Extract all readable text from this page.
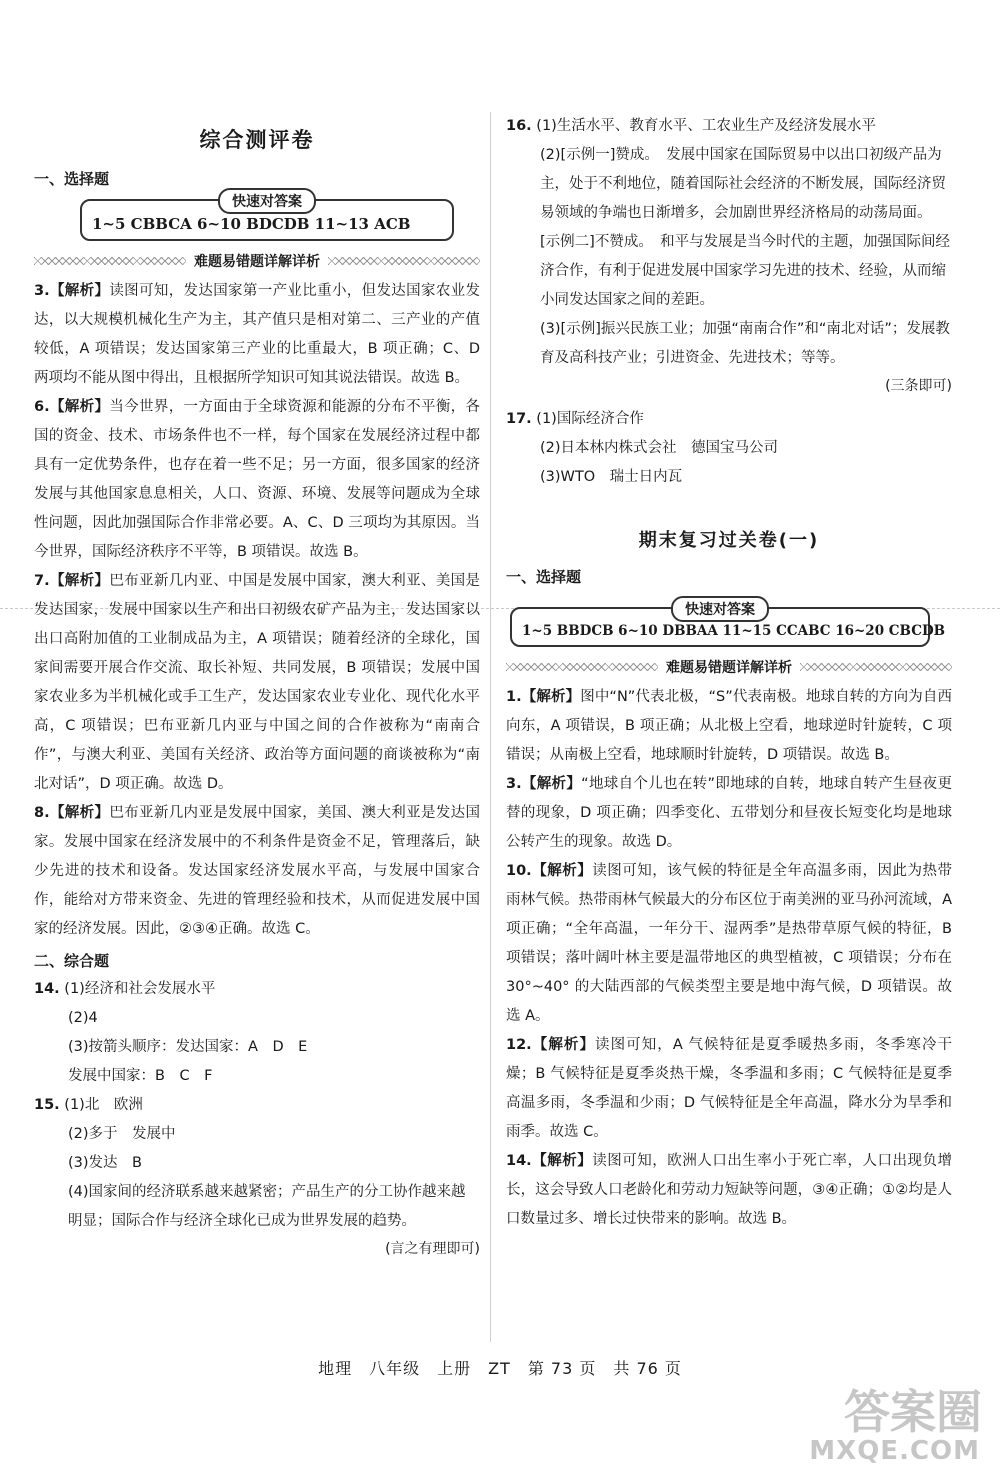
综合测评卷
一、选择题
快速对答案
1~5 CBBCA 6~10 BDCDB 11~13 ACB
难题易错题详解详析

3.【解析】读图可知，发达国家第一产业比重小，但发达国家农业发达，以大规模机械化生产为主，其产值只是相对第二、三产业的产值较低，A 项错误；发达国家第三产业的比重最大，B 项正确；C、D 两项均不能从图中得出，且根据所学知识可知其说法错误。故选 B。

6.【解析】当今世界，一方面由于全球资源和能源的分布不平衡，各国的资金、技术、市场条件也不一样，每个国家在发展经济过程中都具有一定优势条件，也存在着一些不足；另一方面，很多国家的经济发展与其他国家息息相关，人口、资源、环境、发展等问题成为全球性问题，因此加强国际合作非常必要。A、C、D 三项均为其原因。当今世界，国际经济秩序不平等，B 项错误。故选 B。

7.【解析】巴布亚新几内亚、中国是发展中国家，澳大利亚、美国是发达国家，发展中国家以生产和出口初级农矿产品为主，发达国家以出口高附加值的工业制成品为主，A 项错误；随着经济的全球化，国家间需要开展合作交流、取长补短、共同发展，B 项错误；发展中国家农业多为半机械化或手工生产，发达国家农业专业化、现代化水平高，C 项错误；巴布亚新几内亚与中国之间的合作被称为“南南合作”，与澳大利亚、美国有关经济、政治等方面问题的商谈被称为“南北对话”，D 项正确。故选 D。

8.【解析】巴布亚新几内亚是发展中国家，美国、澳大利亚是发达国家。发展中国家在经济发展中的不利条件是资金不足，管理落后，缺少先进的技术和设备。发达国家经济发展水平高，与发展中国家合作，能给对方带来资金、先进的管理经验和技术，从而促进发展中国家的经济发展。因此，②③④正确。故选 C。

二、综合题
14. (1)经济和社会发展水平
(2)4
(3)按箭头顺序：发达国家：A　D　E
发展中国家：B　C　F
15. (1)北　欧洲
(2)多于　发展中
(3)发达　B
(4)国家间的经济联系越来越紧密；产品生产的分工协作越来越明显；国际合作与经济全球化已成为世界发展的趋势。
(言之有理即可)
16. (1)生活水平、教育水平、工农业生产及经济发展水平
(2)[示例一]赞成。　发展中国家在国际贸易中以出口初级产品为主，处于不利地位，随着国际社会经济的不断发展，国际经济贸易领域的争端也日渐增多，会加剧世界经济格局的动荡局面。
[示例二]不赞成。　和平与发展是当今时代的主题，加强国际间经济合作，有利于促进发展中国家学习先进的技术、经验，从而缩小同发达国家之间的差距。
(3)[示例]振兴民族工业；加强“南南合作”和“南北对话”；发展教育及高科技产业；引进资金、先进技术；等等。
(三条即可)
17. (1)国际经济合作
(2)日本林内株式会社　德国宝马公司
(3)WTO　瑞士日内瓦
期末复习过关卷(一)
一、选择题
快速对答案
1~5 BBDCB 6~10 DBBAA 11~15 CCABC 16~20 CBCDB
难题易错题详解详析

1.【解析】图中“N”代表北极，“S”代表南极。地球自转的方向为自西向东，A 项错误，B 项正确；从北极上空看，地球逆时针旋转，C 项错误；从南极上空看，地球顺时针旋转，D 项错误。故选 B。

3.【解析】“地球自个儿也在转”即地球的自转，地球自转产生昼夜更替的现象，D 项正确；四季变化、五带划分和昼夜长短变化均是地球公转产生的现象。故选 D。

10.【解析】读图可知，该气候的特征是全年高温多雨，因此为热带雨林气候。热带雨林气候最大的分布区位于南美洲的亚马孙河流域，A 项正确；“全年高温，一年分干、湿两季”是热带草原气候的特征，B 项错误；落叶阔叶林主要是温带地区的典型植被，C 项错误；分布在 30°~40° 的大陆西部的气候类型主要是地中海气候，D 项错误。故选 A。

12.【解析】读图可知，A 气候特征是夏季暖热多雨，冬季寒冷干燥；B 气候特征是夏季炎热干燥，冬季温和多雨；C 气候特征是夏季高温多雨，冬季温和少雨；D 气候特征是全年高温，降水分为旱季和雨季。故选 C。

14.【解析】读图可知，欧洲人口出生率小于死亡率，人口出现负增长，这会导致人口老龄化和劳动力短缺等问题，③④正确；①②均是人口数量过多、增长过快带来的影响。故选 B。

地理　八年级　上册　ZT　第 73 页　共 76 页
答案圈
MXQE.COM
